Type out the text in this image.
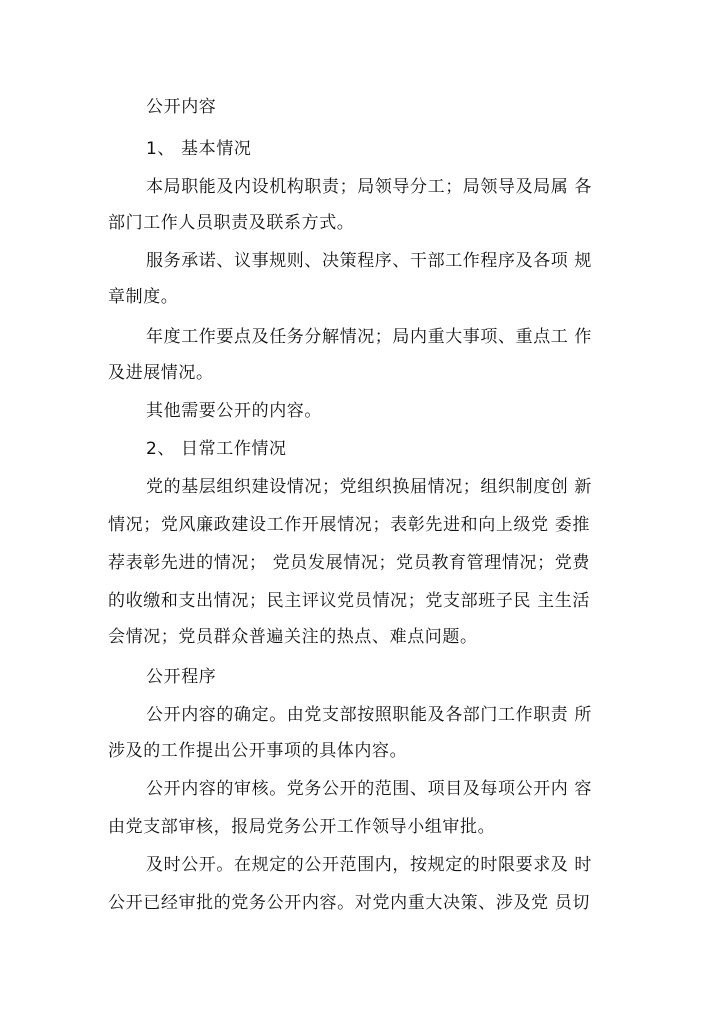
公开内容
1、 基本情况
本局职能及内设机构职责；局领导分工；局领导及局属 各
部门工作人员职责及联系方式。
服务承诺、议事规则、决策程序、干部工作程序及各项 规
章制度。
年度工作要点及任务分解情况；局内重大事项、重点工 作
及进展情况。
其他需要公开的内容。
2、 日常工作情况
党的基层组织建设情况；党组织换届情况；组织制度创 新
情况；党风廉政建设工作开展情况；表彰先进和向上级党 委推
荐表彰先进的情况； 党员发展情况；党员教育管理情况；党费
的收缴和支出情况；民主评议党员情况；党支部班子民 主生活
会情况；党员群众普遍关注的热点、难点问题。
公开程序
公开内容的确定。由党支部按照职能及各部门工作职责 所
涉及的工作提出公开事项的具体内容。
公开内容的审核。党务公开的范围、项目及每项公开内 容
由党支部审核，报局党务公开工作领导小组审批。
及时公开。在规定的公开范围内，按规定的时限要求及 时
公开已经审批的党务公开内容。对党内重大决策、涉及党 员切
